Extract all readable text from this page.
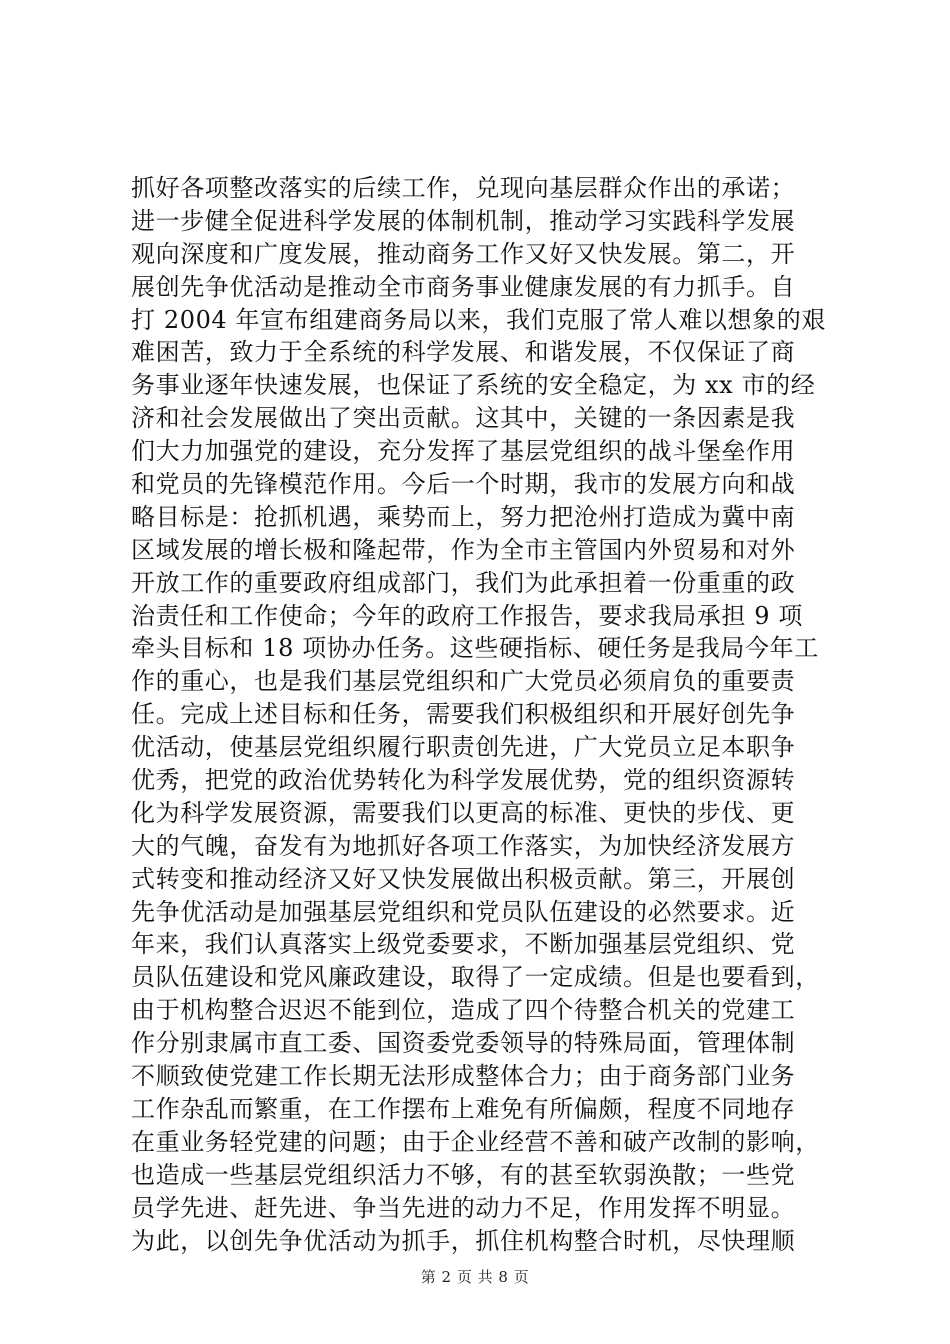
抓好各项整改落实的后续工作，兑现向基层群众作出的承诺；
进一步健全促进科学发展的体制机制，推动学习实践科学发展
观向深度和广度发展，推动商务工作又好又快发展。第二，开
展创先争优活动是推动全市商务事业健康发展的有力抓手。自
打 2004 年宣布组建商务局以来，我们克服了常人难以想象的艰
难困苦，致力于全系统的科学发展、和谐发展，不仅保证了商
务事业逐年快速发展，也保证了系统的安全稳定，为 xx 市的经
济和社会发展做出了突出贡献。这其中，关键的一条因素是我
们大力加强党的建设，充分发挥了基层党组织的战斗堡垒作用
和党员的先锋模范作用。今后一个时期，我市的发展方向和战
略目标是：抢抓机遇，乘势而上，努力把沧州打造成为冀中南
区域发展的增长极和隆起带，作为全市主管国内外贸易和对外
开放工作的重要政府组成部门，我们为此承担着一份重重的政
治责任和工作使命；今年的政府工作报告，要求我局承担 9 项
牵头目标和 18 项协办任务。这些硬指标、硬任务是我局今年工
作的重心，也是我们基层党组织和广大党员必须肩负的重要责
任。完成上述目标和任务，需要我们积极组织和开展好创先争
优活动，使基层党组织履行职责创先进，广大党员立足本职争
优秀，把党的政治优势转化为科学发展优势，党的组织资源转
化为科学发展资源，需要我们以更高的标准、更快的步伐、更
大的气魄，奋发有为地抓好各项工作落实，为加快经济发展方
式转变和推动经济又好又快发展做出积极贡献。第三，开展创
先争优活动是加强基层党组织和党员队伍建设的必然要求。近
年来，我们认真落实上级党委要求，不断加强基层党组织、党
员队伍建设和党风廉政建设，取得了一定成绩。但是也要看到，
由于机构整合迟迟不能到位，造成了四个待整合机关的党建工
作分别隶属市直工委、国资委党委领导的特殊局面，管理体制
不顺致使党建工作长期无法形成整体合力；由于商务部门业务
工作杂乱而繁重，在工作摆布上难免有所偏颇，程度不同地存
在重业务轻党建的问题；由于企业经营不善和破产改制的影响，
也造成一些基层党组织活力不够，有的甚至软弱涣散；一些党
员学先进、赶先进、争当先进的动力不足，作用发挥不明显。
为此，以创先争优活动为抓手，抓住机构整合时机，尽快理顺
第 2 页 共 8 页
